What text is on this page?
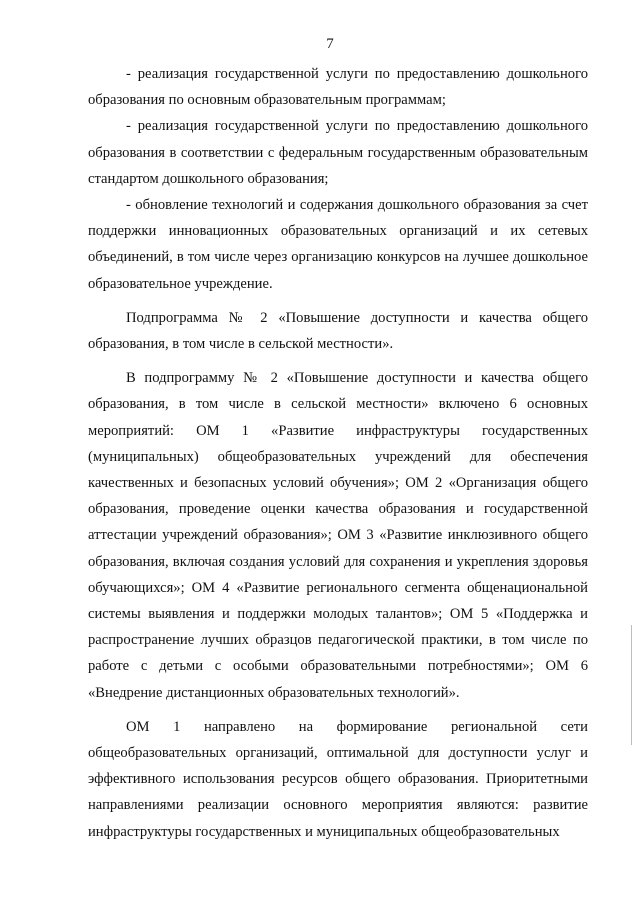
7

- реализация государственной услуги по предоставлению дошкольного образования по основным образовательным программам;

- реализация государственной услуги по предоставлению дошкольного образования в соответствии с федеральным государственным образовательным стандартом дошкольного образования;

- обновление технологий и содержания дошкольного образования за счет поддержки инновационных образовательных организаций и их сетевых объединений, в том числе через организацию конкурсов на лучшее дошкольное образовательное учреждение.

Подпрограмма № 2 «Повышение доступности и качества общего образования, в том числе в сельской местности».

В подпрограмму № 2 «Повышение доступности и качества общего образования, в том числе в сельской местности» включено 6 основных мероприятий: ОМ 1 «Развитие инфраструктуры государственных (муниципальных) общеобразовательных учреждений для обеспечения качественных и безопасных условий обучения»; ОМ 2 «Организация общего образования, проведение оценки качества образования и государственной аттестации учреждений образования»; ОМ 3 «Развитие инклюзивного общего образования, включая создания условий для сохранения и укрепления здоровья обучающихся»; ОМ 4 «Развитие регионального сегмента общенациональной системы выявления и поддержки молодых талантов»; ОМ 5 «Поддержка и распространение лучших образцов педагогической практики, в том числе по работе с детьми с особыми образовательными потребностями»; ОМ 6 «Внедрение дистанционных образовательных технологий».

ОМ 1 направлено на формирование региональной сети общеобразовательных организаций, оптимальной для доступности услуг и эффективного использования ресурсов общего образования. Приоритетными направлениями реализации основного мероприятия являются: развитие инфраструктуры государственных и муниципальных общеобразовательных
